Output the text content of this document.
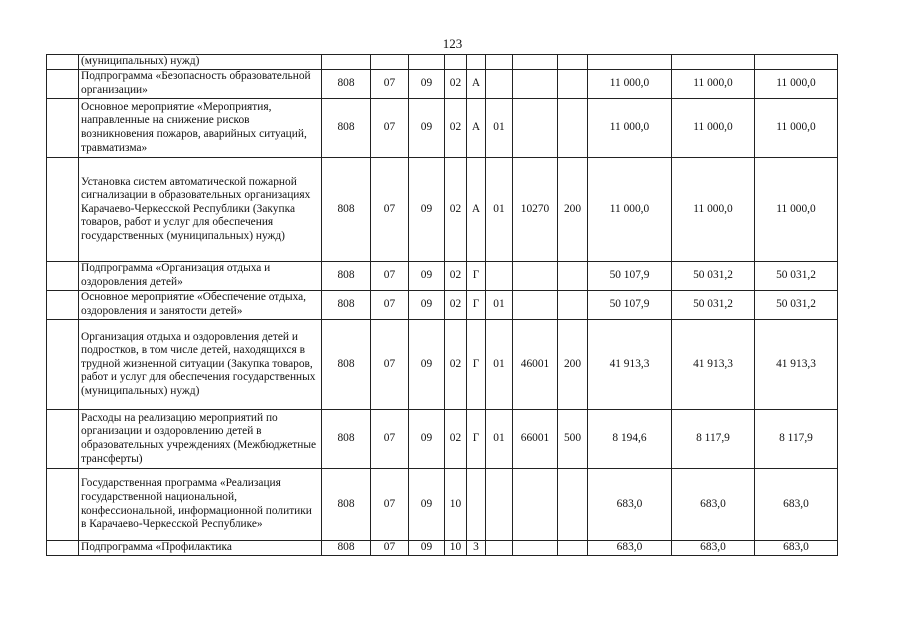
123
	(муниципальных) нужд)											
	Подпрограмма «Безопасность образовательной организации»	808	07	09	02	А				11 000,0	11 000,0	11 000,0
	Основное мероприятие «Мероприятия, направленные на снижение рисков возникновения пожаров, аварийных ситуаций, травматизма»	808	07	09	02	А	01			11 000,0	11 000,0	11 000,0
	Установка систем автоматической пожарной сигнализации в образовательных организациях Карачаево-Черкесской Республики (Закупка товаров, работ и услуг для обеспечения государственных (муниципальных) нужд)	808	07	09	02	А	01	10270	200	11 000,0	11 000,0	11 000,0
	Подпрограмма «Организация отдыха и оздоровления детей»	808	07	09	02	Г				50 107,9	50 031,2	50 031,2
	Основное мероприятие «Обеспечение отдыха, оздоровления и занятости детей»	808	07	09	02	Г	01			50 107,9	50 031,2	50 031,2
	Организация отдыха и оздоровления детей и подростков, в том числе детей, находящихся в трудной жизненной ситуации (Закупка товаров, работ и услуг для обеспечения государственных (муниципальных) нужд)	808	07	09	02	Г	01	46001	200	41 913,3	41 913,3	41 913,3
	Расходы на реализацию мероприятий по организации и оздоровлению детей в образовательных учреждениях (Межбюджетные трансферты)	808	07	09	02	Г	01	66001	500	8 194,6	8 117,9	8 117,9
	Государственная программа «Реализация государственной национальной, конфессиональной, информационной политики в Карачаево-Черкесской Республике»	808	07	09	10					683,0	683,0	683,0
	Подпрограмма «Профилактика	808	07	09	10	3				683,0	683,0	683,0
